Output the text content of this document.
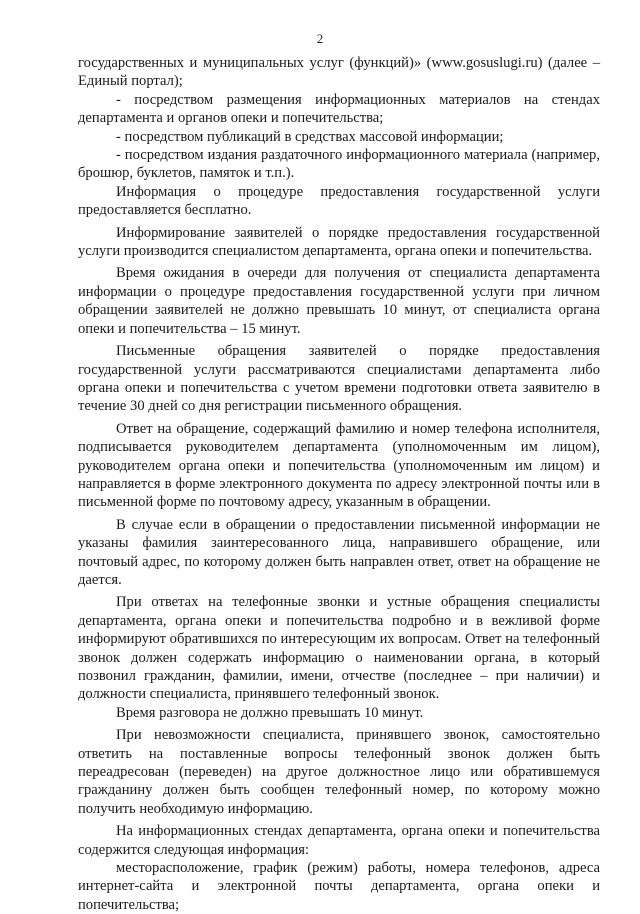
2

государственных и муниципальных услуг (функций)» (www.gosuslugi.ru) (далее – Единый портал);

- посредством размещения информационных материалов на стендах департамента и органов опеки и попечительства;

- посредством публикаций в средствах массовой информации;

- посредством издания раздаточного информационного материала (например, брошюр, буклетов, памяток и т.п.).

Информация о процедуре предоставления государственной услуги предоставляется бесплатно.

Информирование заявителей о порядке предоставления государственной услуги производится специалистом департамента, органа опеки и попечительства.

Время ожидания в очереди для получения от специалиста департамента информации о процедуре предоставления государственной услуги при личном обращении заявителей не должно превышать 10 минут, от специалиста органа опеки и попечительства – 15 минут.

Письменные обращения заявителей о порядке предоставления государственной услуги рассматриваются специалистами департамента либо органа опеки и попечительства с учетом времени подготовки ответа заявителю в течение 30 дней со дня регистрации письменного обращения.

Ответ на обращение, содержащий фамилию и номер телефона исполнителя, подписывается руководителем департамента (уполномоченным им лицом), руководителем органа опеки и попечительства (уполномоченным им лицом) и направляется в форме электронного документа по адресу электронной почты или в письменной форме по почтовому адресу, указанным в обращении.

В случае если в обращении о предоставлении письменной информации не указаны фамилия заинтересованного лица, направившего обращение, или почтовый адрес, по которому должен быть направлен ответ, ответ на обращение не дается.

При ответах на телефонные звонки и устные обращения специалисты департамента, органа опеки и попечительства подробно и в вежливой форме информируют обратившихся по интересующим их вопросам. Ответ на телефонный звонок должен содержать информацию о наименовании органа, в который позвонил гражданин, фамилии, имени, отчестве (последнее – при наличии) и должности специалиста, принявшего телефонный звонок.

Время разговора не должно превышать 10 минут.

При невозможности специалиста, принявшего звонок, самостоятельно ответить на поставленные вопросы телефонный звонок должен быть переадресован (переведен) на другое должностное лицо или обратившемуся гражданину должен быть сообщен телефонный номер, по которому можно получить необходимую информацию.

На информационных стендах департамента, органа опеки и попечительства содержится следующая информация:

месторасположение, график (режим) работы, номера телефонов, адреса интернет-сайта и электронной почты департамента, органа опеки и попечительства;
